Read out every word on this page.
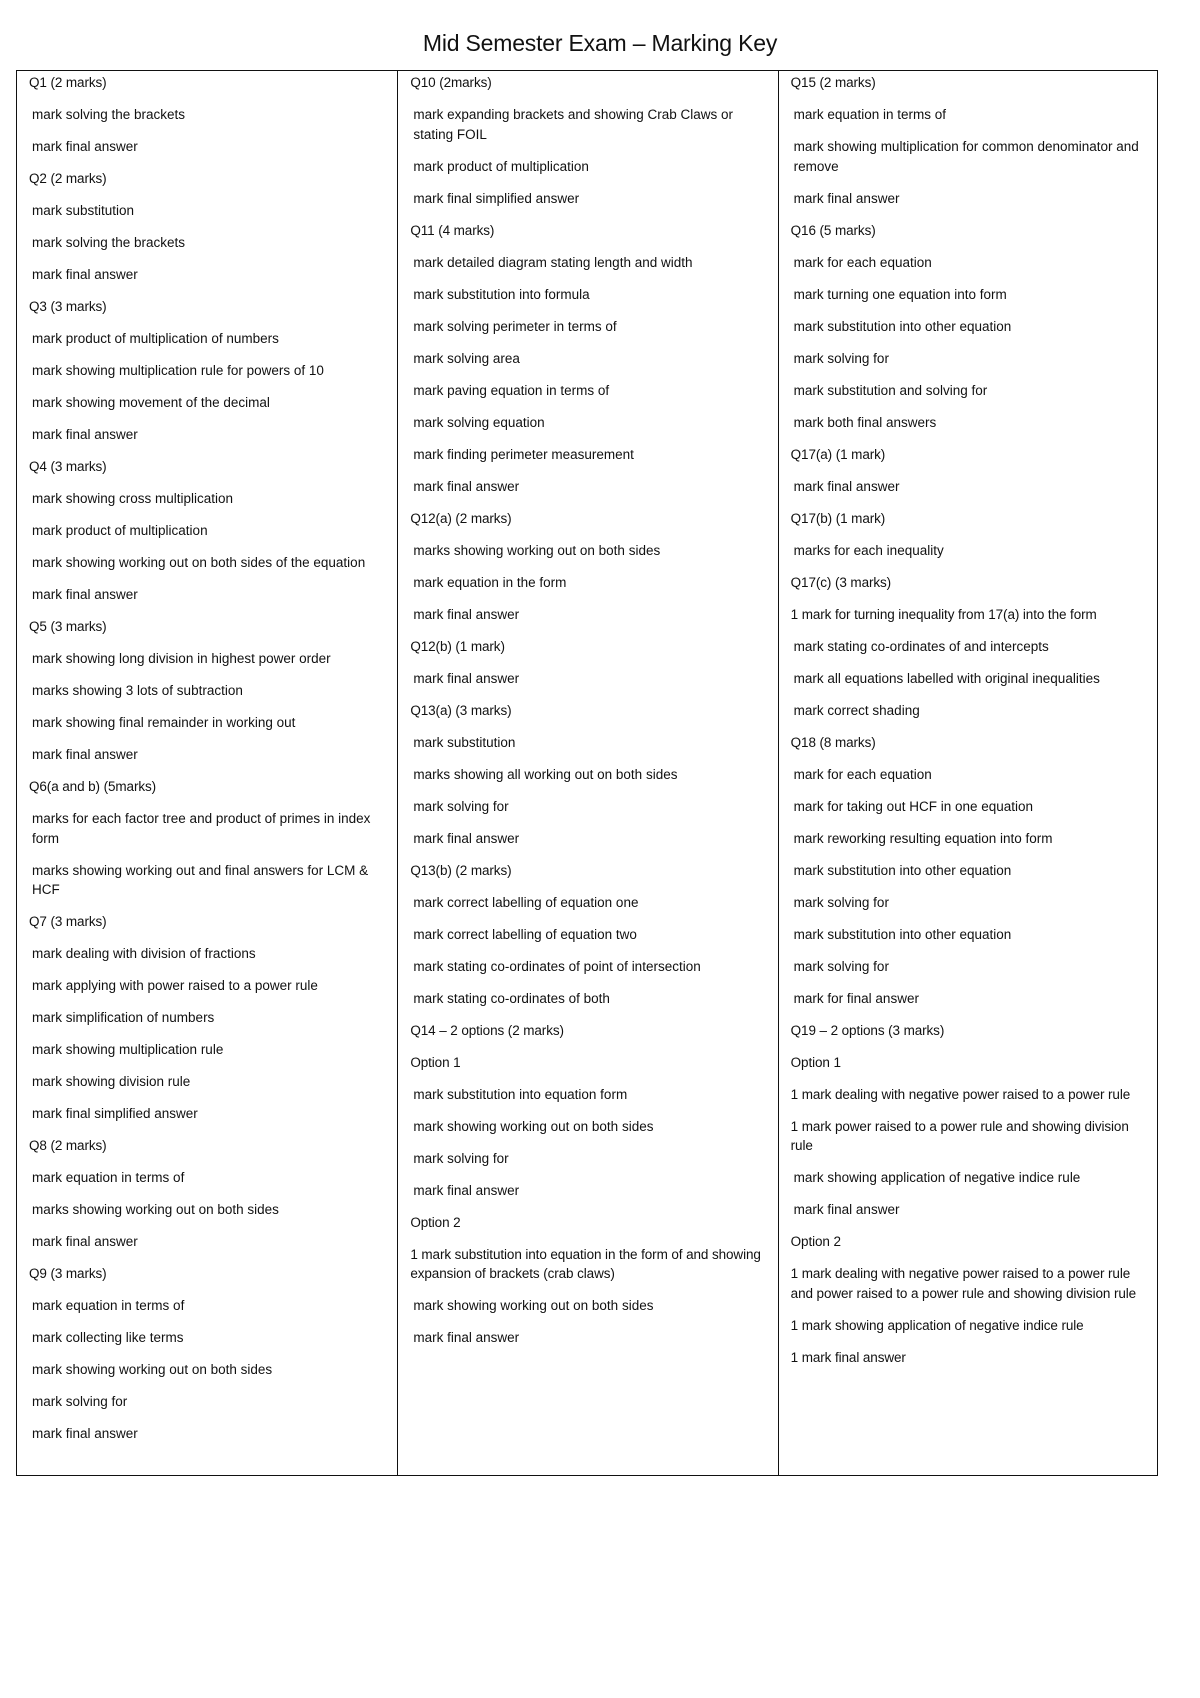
Mid Semester Exam – Marking Key
Q1 (2 marks)
mark solving the brackets
mark final answer
Q2 (2 marks)
mark substitution
mark solving the brackets
mark final answer
Q3 (3 marks)
mark product of multiplication of numbers
mark showing multiplication rule for powers of 10
mark showing movement of the decimal
mark final answer
Q4 (3 marks)
mark showing cross multiplication
mark product of multiplication
mark showing working out on both sides of the equation
mark final answer
Q5 (3 marks)
mark showing long division in highest power order
marks showing 3 lots of subtraction
mark showing final remainder in working out
mark final answer
Q6(a and b) (5marks)
marks for each factor tree and product of primes in index form
marks showing working out and final answers for LCM & HCF
Q7 (3 marks)
mark dealing with division of fractions
mark applying with power raised to a power rule
mark simplification of numbers
mark showing multiplication rule
mark showing division rule
mark final simplified answer
Q8 (2 marks)
mark equation in terms of
marks showing working out on both sides
mark final answer
Q9 (3 marks)
mark equation in terms of
mark collecting like terms
mark showing working out on both sides
mark solving for
mark final answer
Q10 (2marks)
mark expanding brackets and showing Crab Claws or stating FOIL
mark product of multiplication
mark final simplified answer
Q11 (4 marks)
mark detailed diagram stating length and width
mark substitution into formula
mark solving perimeter in terms of
mark solving area
mark paving equation in terms of
mark solving equation
mark finding perimeter measurement
mark final answer
Q12(a) (2 marks)
marks showing working out on both sides
mark equation in the form
mark final answer
Q12(b) (1 mark)
mark final answer
Q13(a) (3 marks)
mark substitution
marks showing all working out on both sides
mark solving for
mark final answer
Q13(b) (2 marks)
mark correct labelling of equation one
mark correct labelling of equation two
mark stating co-ordinates of point of intersection
mark stating co-ordinates of both
Q14 – 2 options (2 marks)
Option 1
mark substitution into equation form
mark showing working out on both sides
mark solving for
mark final answer
Option 2
1 mark substitution into equation in the form of and showing expansion of brackets (crab claws)
mark showing working out on both sides
mark final answer
Q15 (2 marks)
mark equation in terms of
mark showing multiplication for common denominator and remove
mark final answer
Q16 (5 marks)
mark for each equation
mark turning one equation into form
mark substitution into other equation
mark solving for
mark substitution and solving for
mark both final answers
Q17(a) (1 mark)
mark final answer
Q17(b) (1 mark)
marks for each inequality
Q17(c) (3 marks)
1 mark for turning inequality from 17(a) into the form
mark stating co-ordinates of and intercepts
mark all equations labelled with original inequalities
mark correct shading
Q18 (8 marks)
mark for each equation
mark for taking out HCF in one equation
mark reworking resulting equation into form
mark substitution into other equation
mark solving for
mark substitution into other equation
mark solving for
mark for final answer
Q19 – 2 options (3 marks)
Option 1
1 mark dealing with negative power raised to a power rule
1 mark power raised to a power rule and showing division rule
mark showing application of negative indice rule
mark final answer
Option 2
1 mark dealing with negative power raised to a power rule and power raised to a power rule and showing division rule
1 mark showing application of negative indice rule
1 mark final answer
